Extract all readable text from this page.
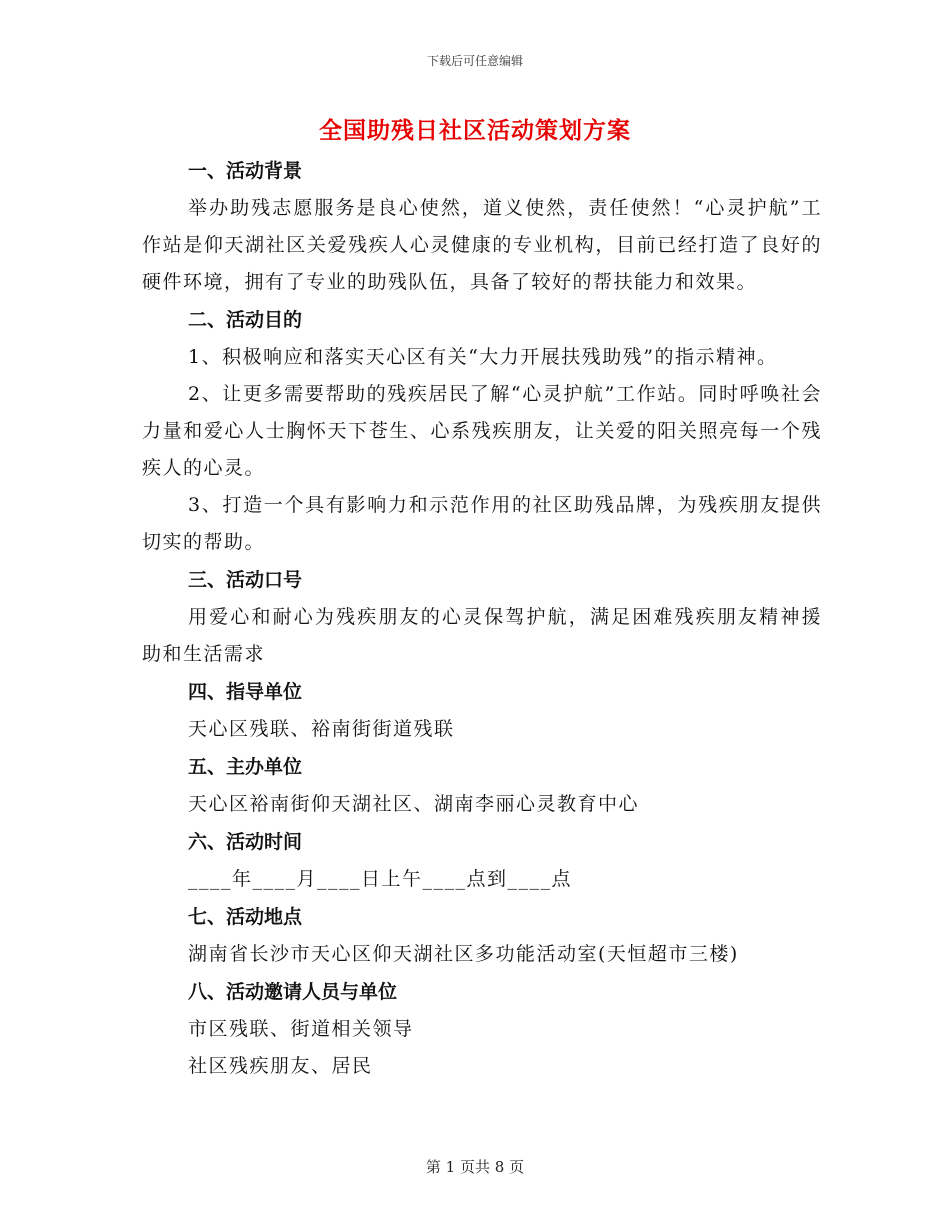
下载后可任意编辑
全国助残日社区活动策划方案
一、活动背景
举办助残志愿服务是良心使然，道义使然，责任使然！“心灵护航”工作站是仰天湖社区关爱残疾人心灵健康的专业机构，目前已经打造了良好的硬件环境，拥有了专业的助残队伍，具备了较好的帮扶能力和效果。
二、活动目的
1、积极响应和落实天心区有关“大力开展扶残助残”的指示精神。
2、让更多需要帮助的残疾居民了解“心灵护航”工作站。同时呼唤社会力量和爱心人士胸怀天下苍生、心系残疾朋友，让关爱的阳关照亮每一个残疾人的心灵。
3、打造一个具有影响力和示范作用的社区助残品牌，为残疾朋友提供切实的帮助。
三、活动口号
用爱心和耐心为残疾朋友的心灵保驾护航，满足困难残疾朋友精神援助和生活需求
四、指导单位
天心区残联、裕南街街道残联
五、主办单位
天心区裕南街仰天湖社区、湖南李丽心灵教育中心
六、活动时间
____年____月____日上午____点到____点
七、活动地点
湖南省长沙市天心区仰天湖社区多功能活动室(天恒超市三楼)
八、活动邀请人员与单位
市区残联、街道相关领导
社区残疾朋友、居民
第 1 页共 8 页
